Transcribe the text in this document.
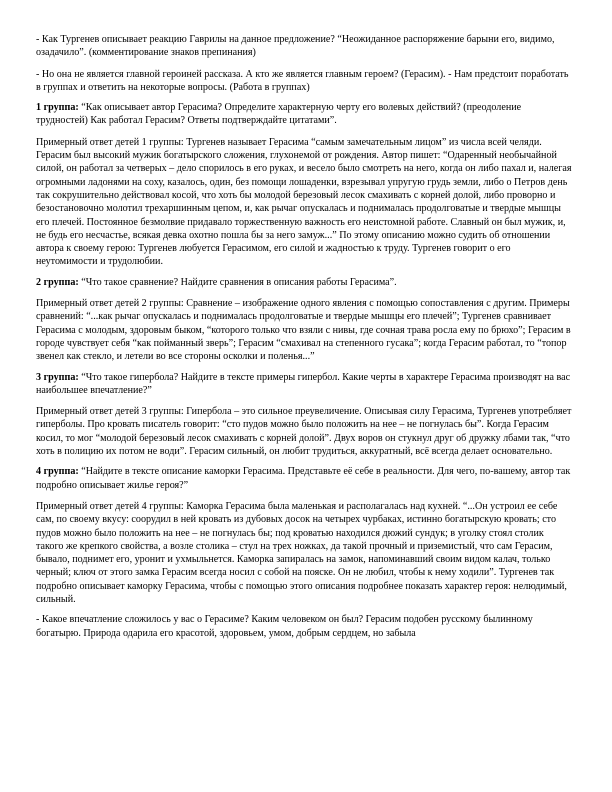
- Как Тургенев описывает реакцию Гаврилы на данное предложение? “Неожиданное распоряжение барыни его, видимо, озадачило”. (комментирование знаков препинания)

- Но она не является главной героиней рассказа. А кто же является главным героем? (Герасим). - Нам предстоит поработать в группах и ответить на некоторые вопросы. (Работа в группах)

1 группа: “Как описывает автор Герасима? Определите характерную черту его волевых действий? (преодоление трудностей) Как работал Герасим? Ответы подтверждайте цитатами”.

Примерный ответ детей 1 группы: Тургенев называет Герасима “самым замечательным лицом” из числа всей челяди. Герасим был высокий мужик богатырского сложения, глухонемой от рождения. Автор пишет: “Одаренный необычайной силой, он работал за четверых – дело спорилось в его руках, и весело было смотреть на него, когда он либо пахал и, налегая огромными ладонями на соху, казалось, один, без помощи лошаденки, взрезывал упругую грудь земли, либо о Петров день так сокрушительно действовал косой, что хоть бы молодой березовый лесок смахивать с корней долой, либо проворно и безостановочно молотил трехаршинным цепом, и, как рычаг опускалась и поднималась продолговатые и твердые мышцы его плечей. Постоянное безмолвие придавало торжественную важность его неистомной работе. Славный он был мужик, и, не будь его несчастье, всякая девка охотно пошла бы за него замуж...” По этому описанию можно судить об отношении автора к своему герою: Тургенев любуется Герасимом, его силой и жадностью к труду. Тургенев говорит о его неутомимости и трудолюбии.

2 группа: “Что такое сравнение? Найдите сравнения в описания работы Герасима”.

Примерный ответ детей 2 группы: Сравнение – изображение одного явления с помощью сопоставления с другим. Примеры сравнений: “...как рычаг опускалась и поднималась продолговатые и твердые мышцы его плечей”; Тургенев сравнивает Герасима с молодым, здоровым быком, “которого только что взяли с нивы, где сочная трава росла ему по брюхо”; Герасим в городе чувствует себя “как пойманный зверь”; Герасим “смахивал на степенного гусака”; когда Герасим работал, то “топор звенел как стекло, и летели во все стороны осколки и поленья...”

3 группа: “Что такое гипербола? Найдите в тексте примеры гипербол. Какие черты в характере Герасима производят на вас наибольшее впечатление?”

Примерный ответ детей 3 группы: Гипербола – это сильное преувеличение. Описывая силу Герасима, Тургенев употребляет гиперболы. Про кровать писатель говорит: “сто пудов можно было положить на нее – не погнулась бы”. Когда Герасим косил, то мог “молодой березовый лесок смахивать с корней долой”. Двух воров он стукнул друг об дружку лбами так, “что хоть в полицию их потом не води”. Герасим сильный, он любит трудиться, аккуратный, всё всегда делает основательно.

4 группа: “Найдите в тексте описание каморки Герасима. Представьте её себе в реальности. Для чего, по-вашему, автор так подробно описывает жилье героя?”

Примерный ответ детей 4 группы: Каморка Герасима была маленькая и располагалась над кухней. “...Он устроил ее себе сам, по своему вкусу: соорудил в ней кровать из дубовых досок на четырех чурбаках, истинно богатырскую кровать; сто пудов можно было положить на нее – не погнулась бы; под кроватью находился дюжий сундук; в уголку стоял столик такого же крепкого свойства, а возле столика – стул на трех ножках, да такой прочный и приземистый, что сам Герасим, бывало, поднимет его, уронит и ухмыльнется. Каморка запиралась на замок, напоминавший своим видом калач, только черный; ключ от этого замка Герасим всегда носил с собой на пояске. Он не любил, чтобы к нему ходили”. Тургенев так подробно описывает каморку Герасима, чтобы с помощью этого описания подробнее показать характер героя: нелюдимый, сильный.

- Какое впечатление сложилось у вас о Герасиме? Каким человеком он был? Герасим подобен русскому былинному богатырю. Природа одарила его красотой, здоровьем, умом, добрым сердцем, но забыла
